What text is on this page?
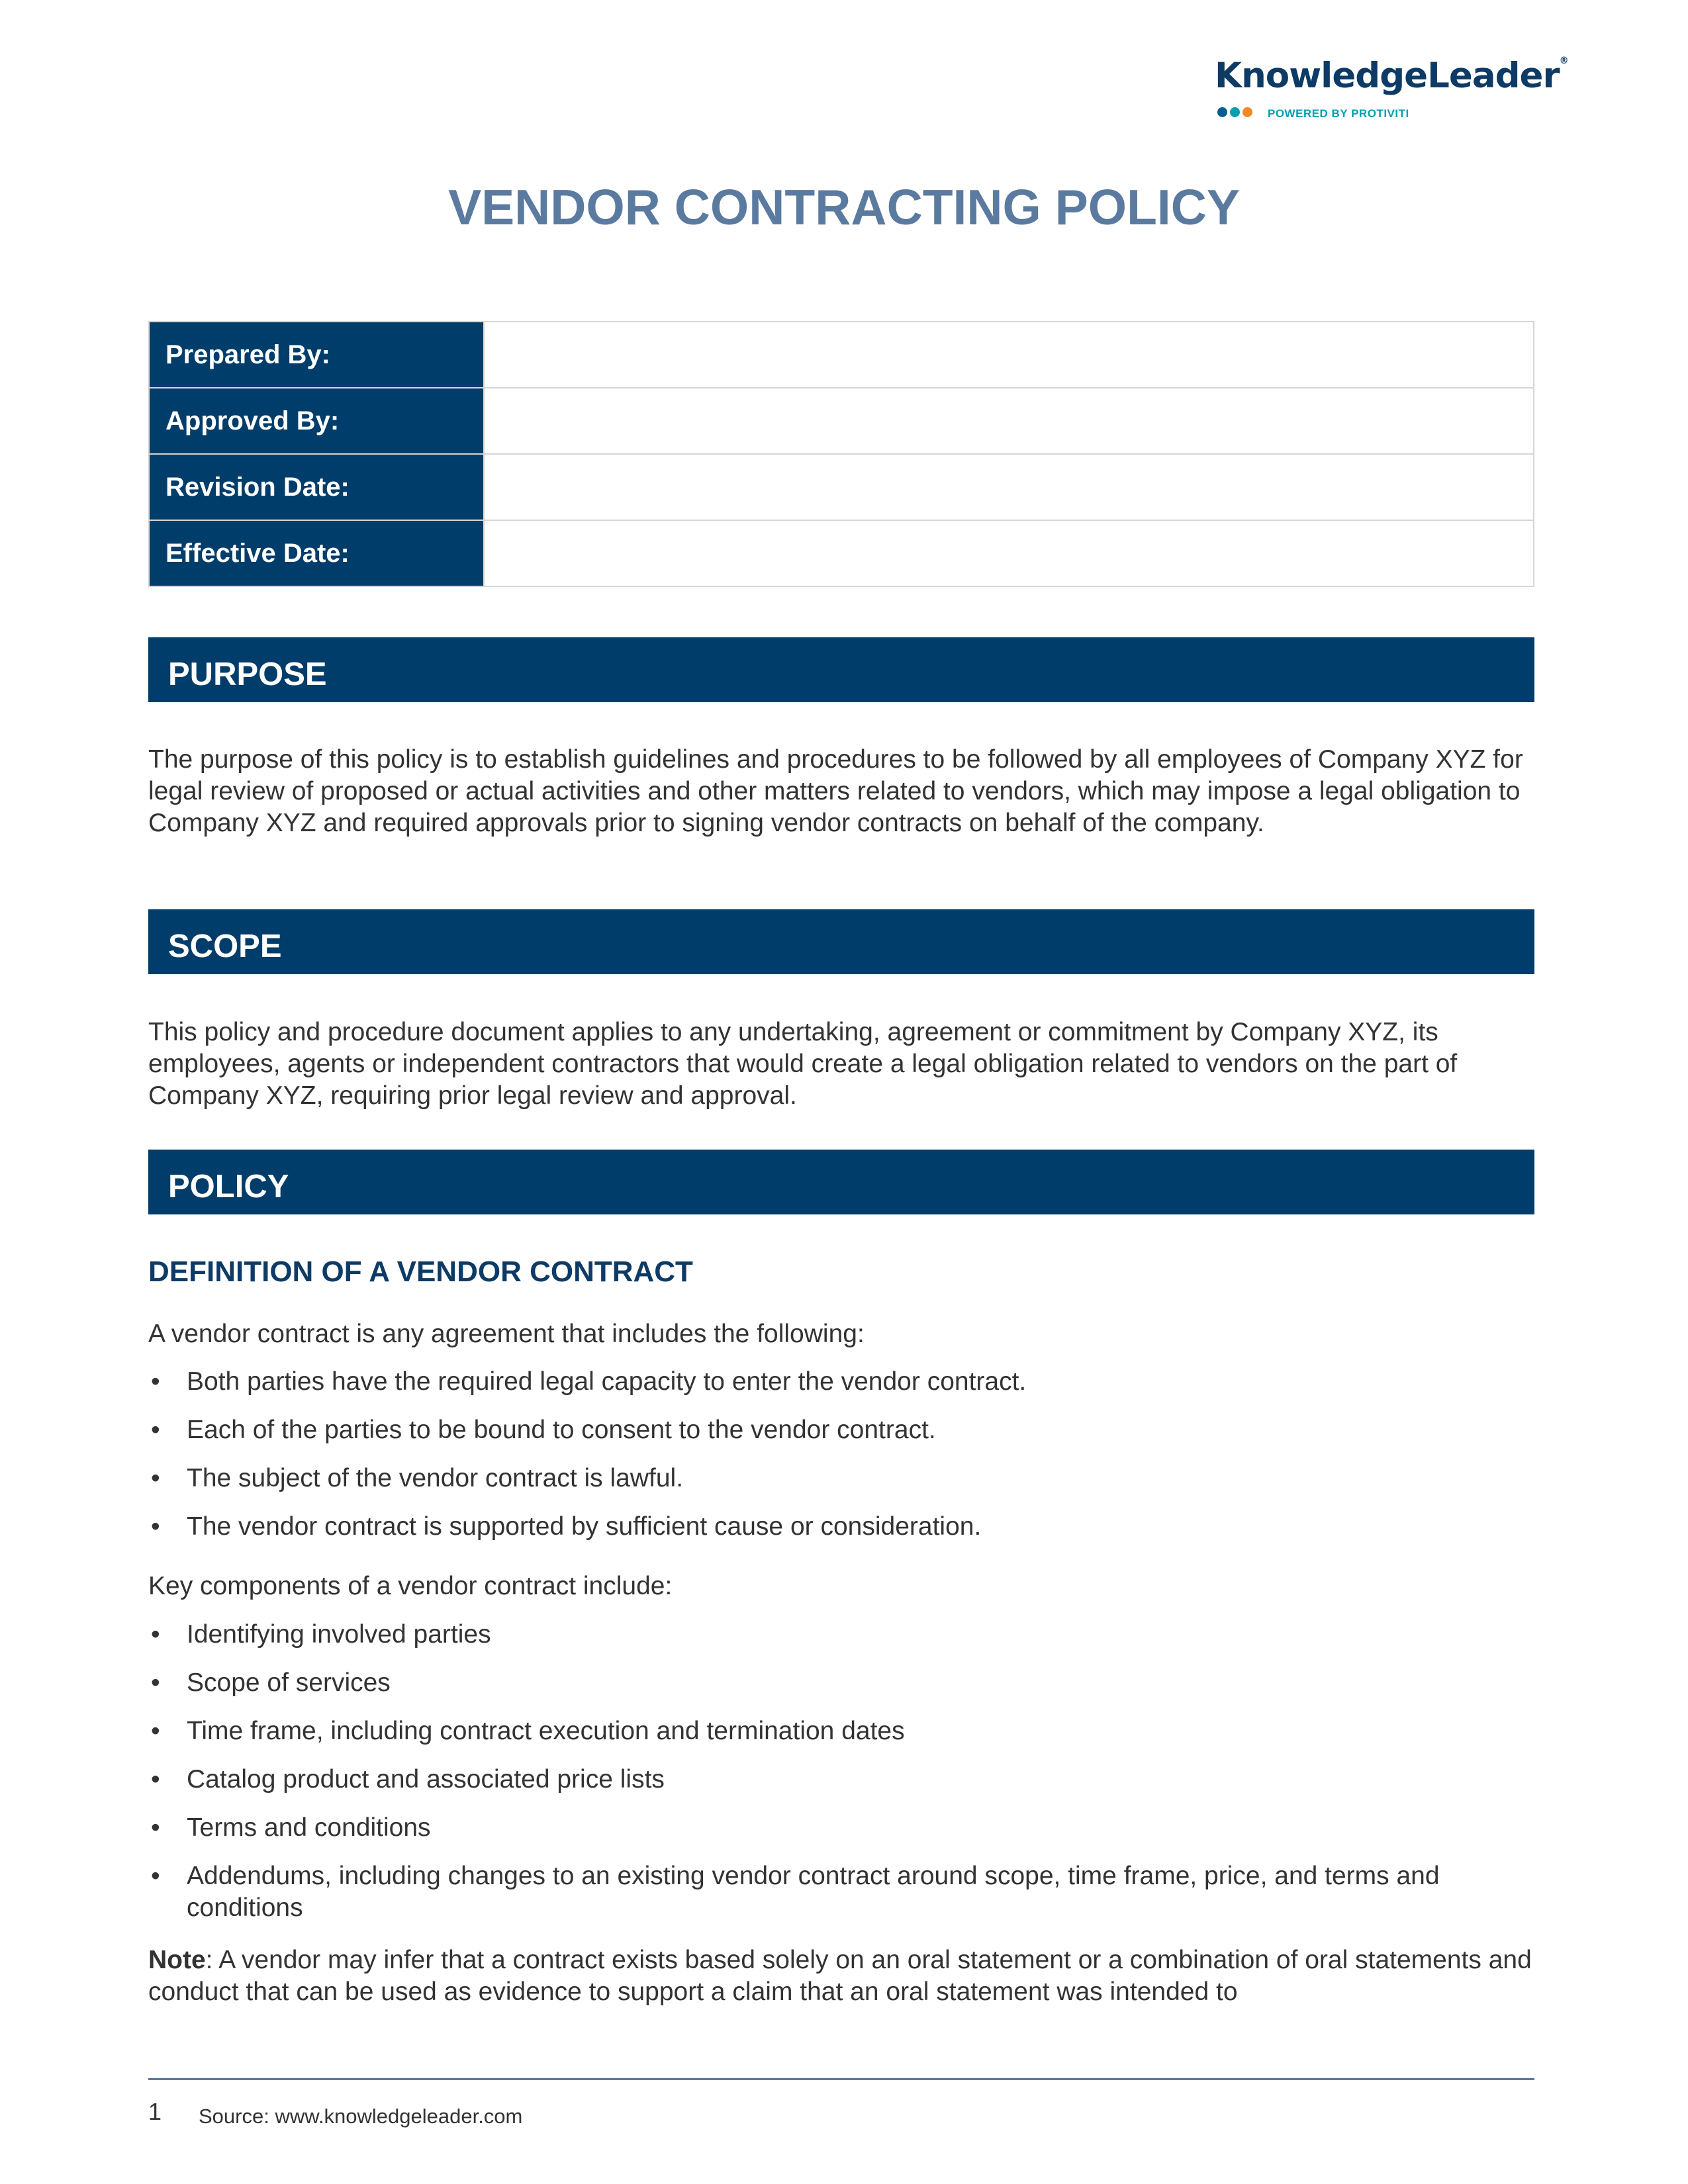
KnowledgeLeader®
POWERED BY PROTIVITI
VENDOR CONTRACTING POLICY
Prepared By:	
Approved By:	
Revision Date:	
Effective Date:	
PURPOSE

The purpose of this policy is to establish guidelines and procedures to be followed by all employees of Company XYZ for legal review of proposed or actual activities and other matters related to vendors, which may impose a legal obligation to Company XYZ and required approvals prior to signing vendor contracts on behalf of the company.

SCOPE

This policy and procedure document applies to any undertaking, agreement or commitment by Company XYZ, its employees, agents or independent contractors that would create a legal obligation related to vendors on the part of Company XYZ, requiring prior legal review and approval.

POLICY
DEFINITION OF A VENDOR CONTRACT

A vendor contract is any agreement that includes the following:

• Both parties have the required legal capacity to enter the vendor contract.
• Each of the parties to be bound to consent to the vendor contract.
• The subject of the vendor contract is lawful.
• The vendor contract is supported by sufficient cause or consideration.

Key components of a vendor contract include:

• Identifying involved parties
• Scope of services
• Time frame, including contract execution and termination dates
• Catalog product and associated price lists
• Terms and conditions
• Addendums, including changes to an existing vendor contract around scope, time frame, price, and terms and conditions

Note: A vendor may infer that a contract exists based solely on an oral statement or a combination of oral statements and conduct that can be used as evidence to support a claim that an oral statement was intended to

1 Source: www.knowledgeleader.com
